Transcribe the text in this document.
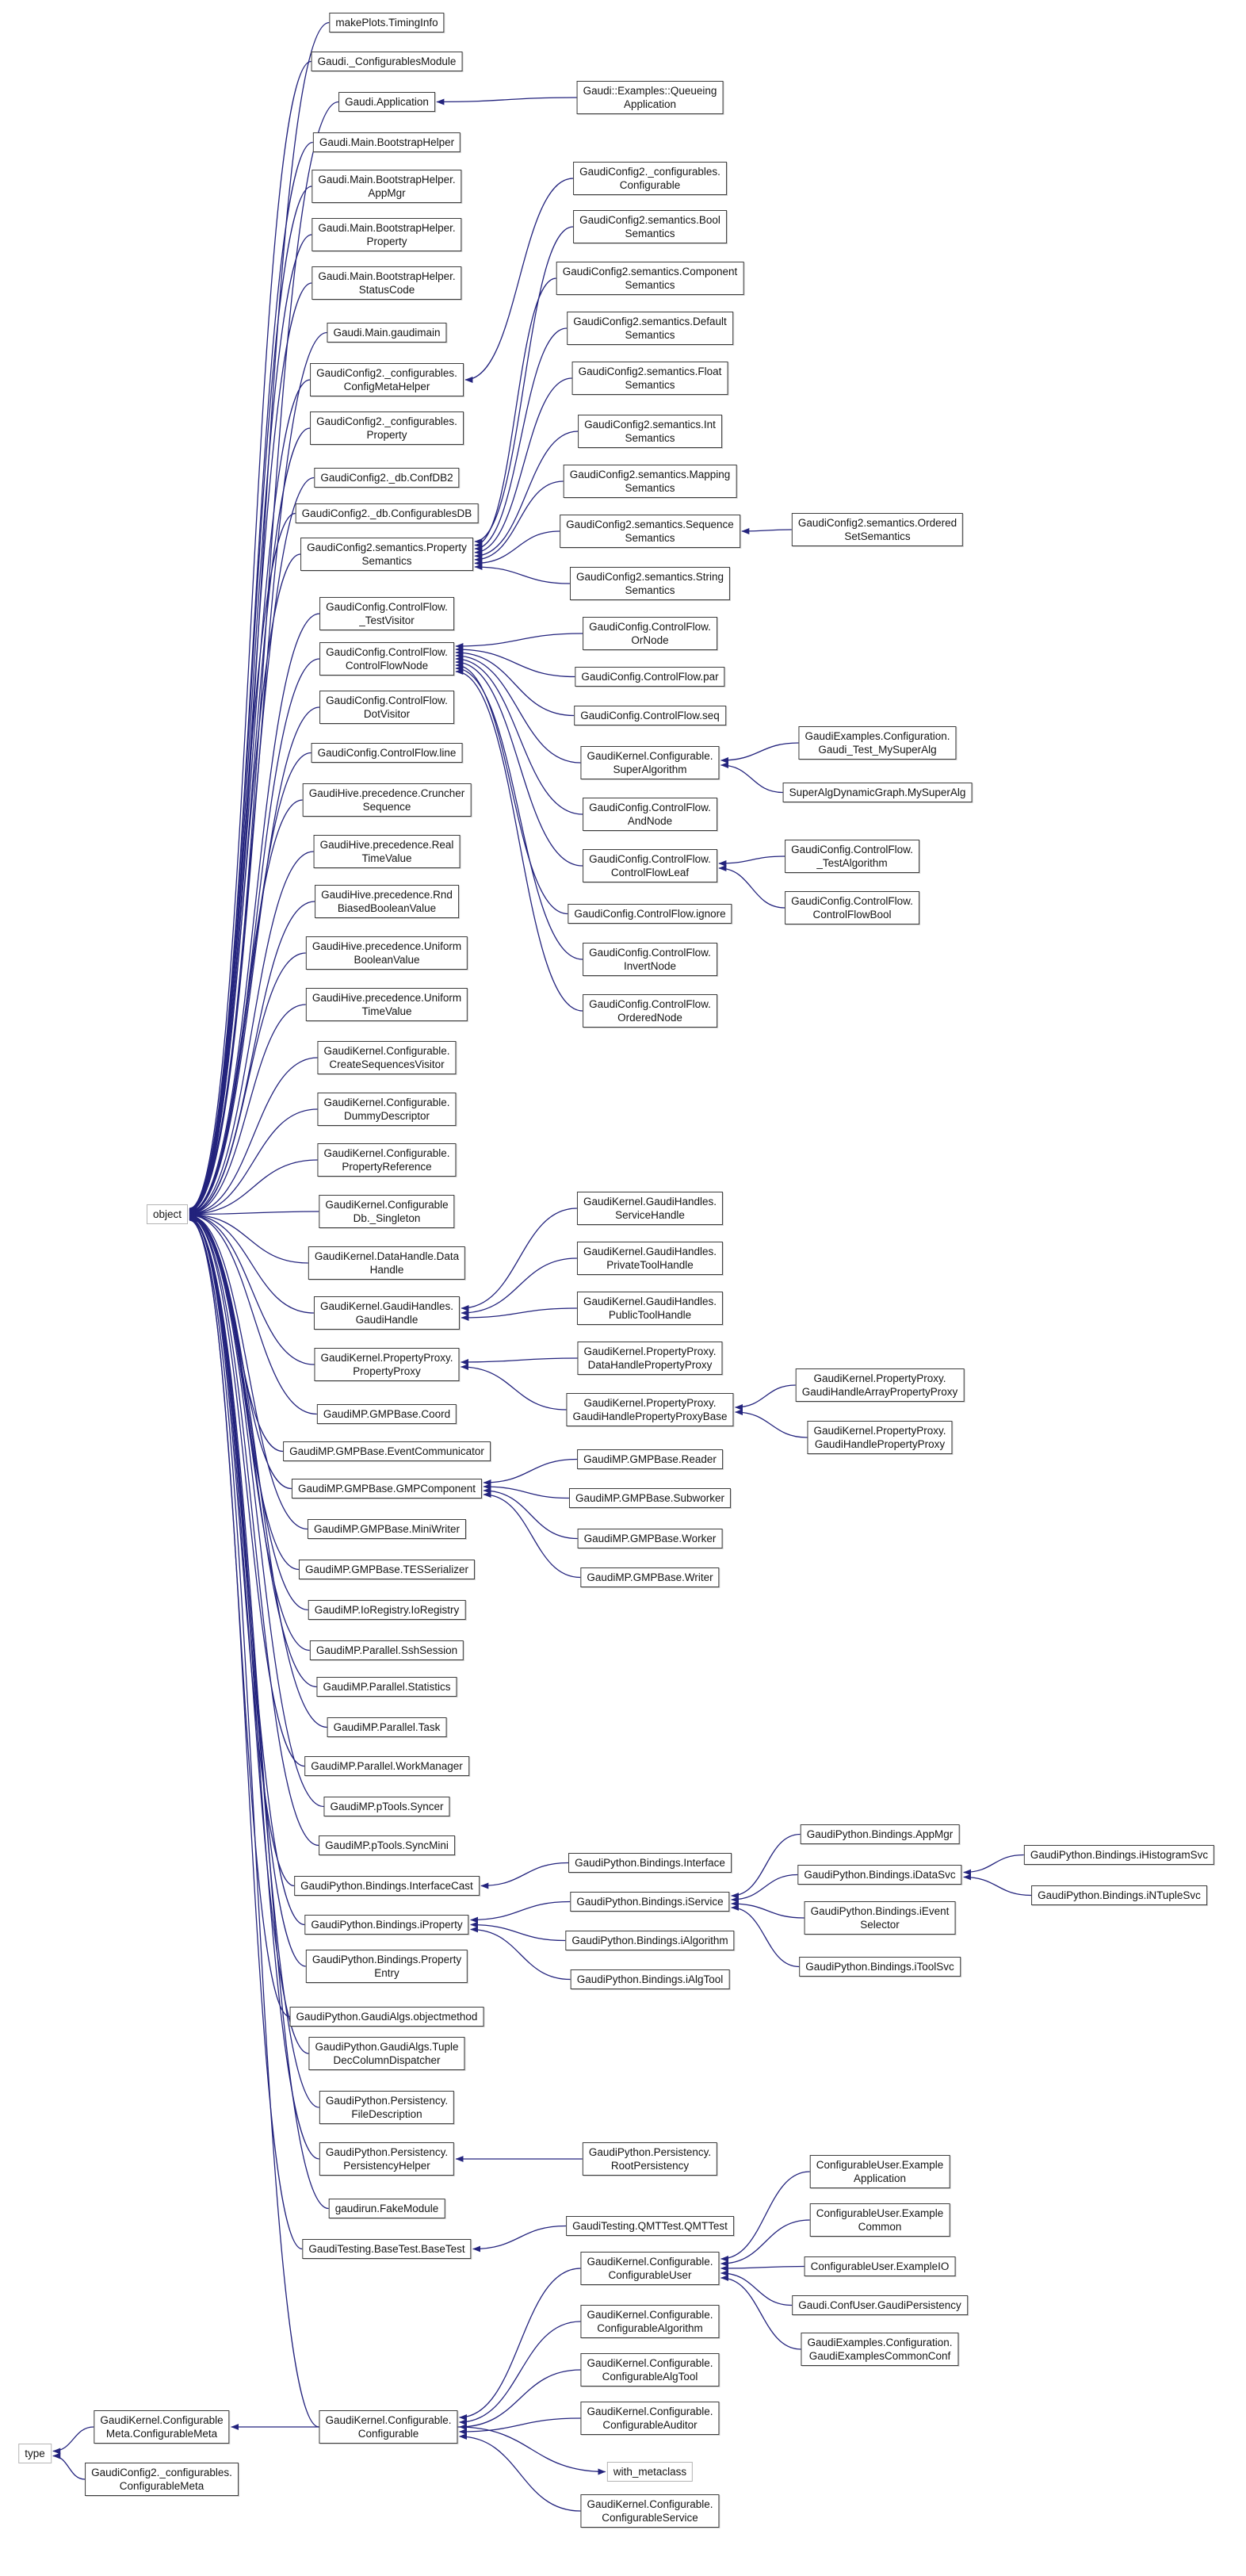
object
type
makePlots.TimingInfo
Gaudi._ConfigurablesModule
Gaudi.Application
Gaudi.Main.BootstrapHelper
Gaudi.Main.BootstrapHelper.
AppMgr
Gaudi.Main.BootstrapHelper.
Property
Gaudi.Main.BootstrapHelper.
StatusCode
Gaudi.Main.gaudimain
GaudiConfig2._configurables.
ConfigMetaHelper
GaudiConfig2._configurables.
Property
GaudiConfig2._db.ConfDB2
GaudiConfig2._db.ConfigurablesDB
GaudiConfig2.semantics.Property
Semantics
GaudiConfig.ControlFlow.
_TestVisitor
GaudiConfig.ControlFlow.
ControlFlowNode
GaudiConfig.ControlFlow.
DotVisitor
GaudiConfig.ControlFlow.line
GaudiHive.precedence.Cruncher
Sequence
GaudiHive.precedence.Real
TimeValue
GaudiHive.precedence.Rnd
BiasedBooleanValue
GaudiHive.precedence.Uniform
BooleanValue
GaudiHive.precedence.Uniform
TimeValue
GaudiKernel.Configurable.
CreateSequencesVisitor
GaudiKernel.Configurable.
DummyDescriptor
GaudiKernel.Configurable.
PropertyReference
GaudiKernel.Configurable
Db._Singleton
GaudiKernel.DataHandle.Data
Handle
GaudiKernel.GaudiHandles.
GaudiHandle
GaudiKernel.PropertyProxy.
PropertyProxy
GaudiMP.GMPBase.Coord
GaudiMP.GMPBase.EventCommunicator
GaudiMP.GMPBase.GMPComponent
GaudiMP.GMPBase.MiniWriter
GaudiMP.GMPBase.TESSerializer
GaudiMP.IoRegistry.IoRegistry
GaudiMP.Parallel.SshSession
GaudiMP.Parallel.Statistics
GaudiMP.Parallel.Task
GaudiMP.Parallel.WorkManager
GaudiMP.pTools.Syncer
GaudiMP.pTools.SyncMini
GaudiPython.Bindings.InterfaceCast
GaudiPython.Bindings.iProperty
GaudiPython.Bindings.Property
Entry
GaudiPython.GaudiAlgs.objectmethod
GaudiPython.GaudiAlgs.Tuple
DecColumnDispatcher
GaudiPython.Persistency.
FileDescription
GaudiPython.Persistency.
PersistencyHelper
gaudirun.FakeModule
GaudiTesting.BaseTest.BaseTest
Gaudi::Examples::Queueing
Application
GaudiConfig2._configurables.
Configurable
GaudiConfig2.semantics.Bool
Semantics
GaudiConfig2.semantics.Component
Semantics
GaudiConfig2.semantics.Default
Semantics
GaudiConfig2.semantics.Float
Semantics
GaudiConfig2.semantics.Int
Semantics
GaudiConfig2.semantics.Mapping
Semantics
GaudiConfig2.semantics.Sequence
Semantics
GaudiConfig2.semantics.String
Semantics
GaudiConfig.ControlFlow.
OrNode
GaudiConfig.ControlFlow.par
GaudiConfig.ControlFlow.seq
GaudiKernel.Configurable.
SuperAlgorithm
GaudiConfig.ControlFlow.
AndNode
GaudiConfig.ControlFlow.
ControlFlowLeaf
GaudiConfig.ControlFlow.ignore
GaudiConfig.ControlFlow.
InvertNode
GaudiConfig.ControlFlow.
OrderedNode
GaudiKernel.GaudiHandles.
ServiceHandle
GaudiKernel.GaudiHandles.
PrivateToolHandle
GaudiKernel.GaudiHandles.
PublicToolHandle
GaudiKernel.PropertyProxy.
DataHandlePropertyProxy
GaudiKernel.PropertyProxy.
GaudiHandlePropertyProxyBase
GaudiMP.GMPBase.Reader
GaudiMP.GMPBase.Subworker
GaudiMP.GMPBase.Worker
GaudiMP.GMPBase.Writer
GaudiPython.Bindings.Interface
GaudiPython.Bindings.iService
GaudiPython.Bindings.iAlgorithm
GaudiPython.Bindings.iAlgTool
GaudiPython.Persistency.
RootPersistency
GaudiTesting.QMTTest.QMTTest
GaudiKernel.Configurable.
ConfigurableUser
GaudiKernel.Configurable.
ConfigurableAlgorithm
GaudiKernel.Configurable.
ConfigurableAlgTool
GaudiKernel.Configurable.
ConfigurableAuditor
with_metaclass
GaudiKernel.Configurable.
ConfigurableService
GaudiConfig2.semantics.Ordered
SetSemantics
GaudiExamples.Configuration.
Gaudi_Test_MySuperAlg
SuperAlgDynamicGraph.MySuperAlg
GaudiConfig.ControlFlow.
_TestAlgorithm
GaudiConfig.ControlFlow.
ControlFlowBool
GaudiKernel.PropertyProxy.
GaudiHandleArrayPropertyProxy
GaudiKernel.PropertyProxy.
GaudiHandlePropertyProxy
GaudiPython.Bindings.AppMgr
GaudiPython.Bindings.iDataSvc
GaudiPython.Bindings.iEvent
Selector
GaudiPython.Bindings.iToolSvc
ConfigurableUser.Example
Application
ConfigurableUser.Example
Common
ConfigurableUser.ExampleIO
Gaudi.ConfUser.GaudiPersistency
GaudiExamples.Configuration.
GaudiExamplesCommonConf
GaudiPython.Bindings.iHistogramSvc
GaudiPython.Bindings.iNTupleSvc
GaudiKernel.Configurable
Meta.ConfigurableMeta
GaudiConfig2._configurables.
ConfigurableMeta
GaudiKernel.Configurable.
Configurable
